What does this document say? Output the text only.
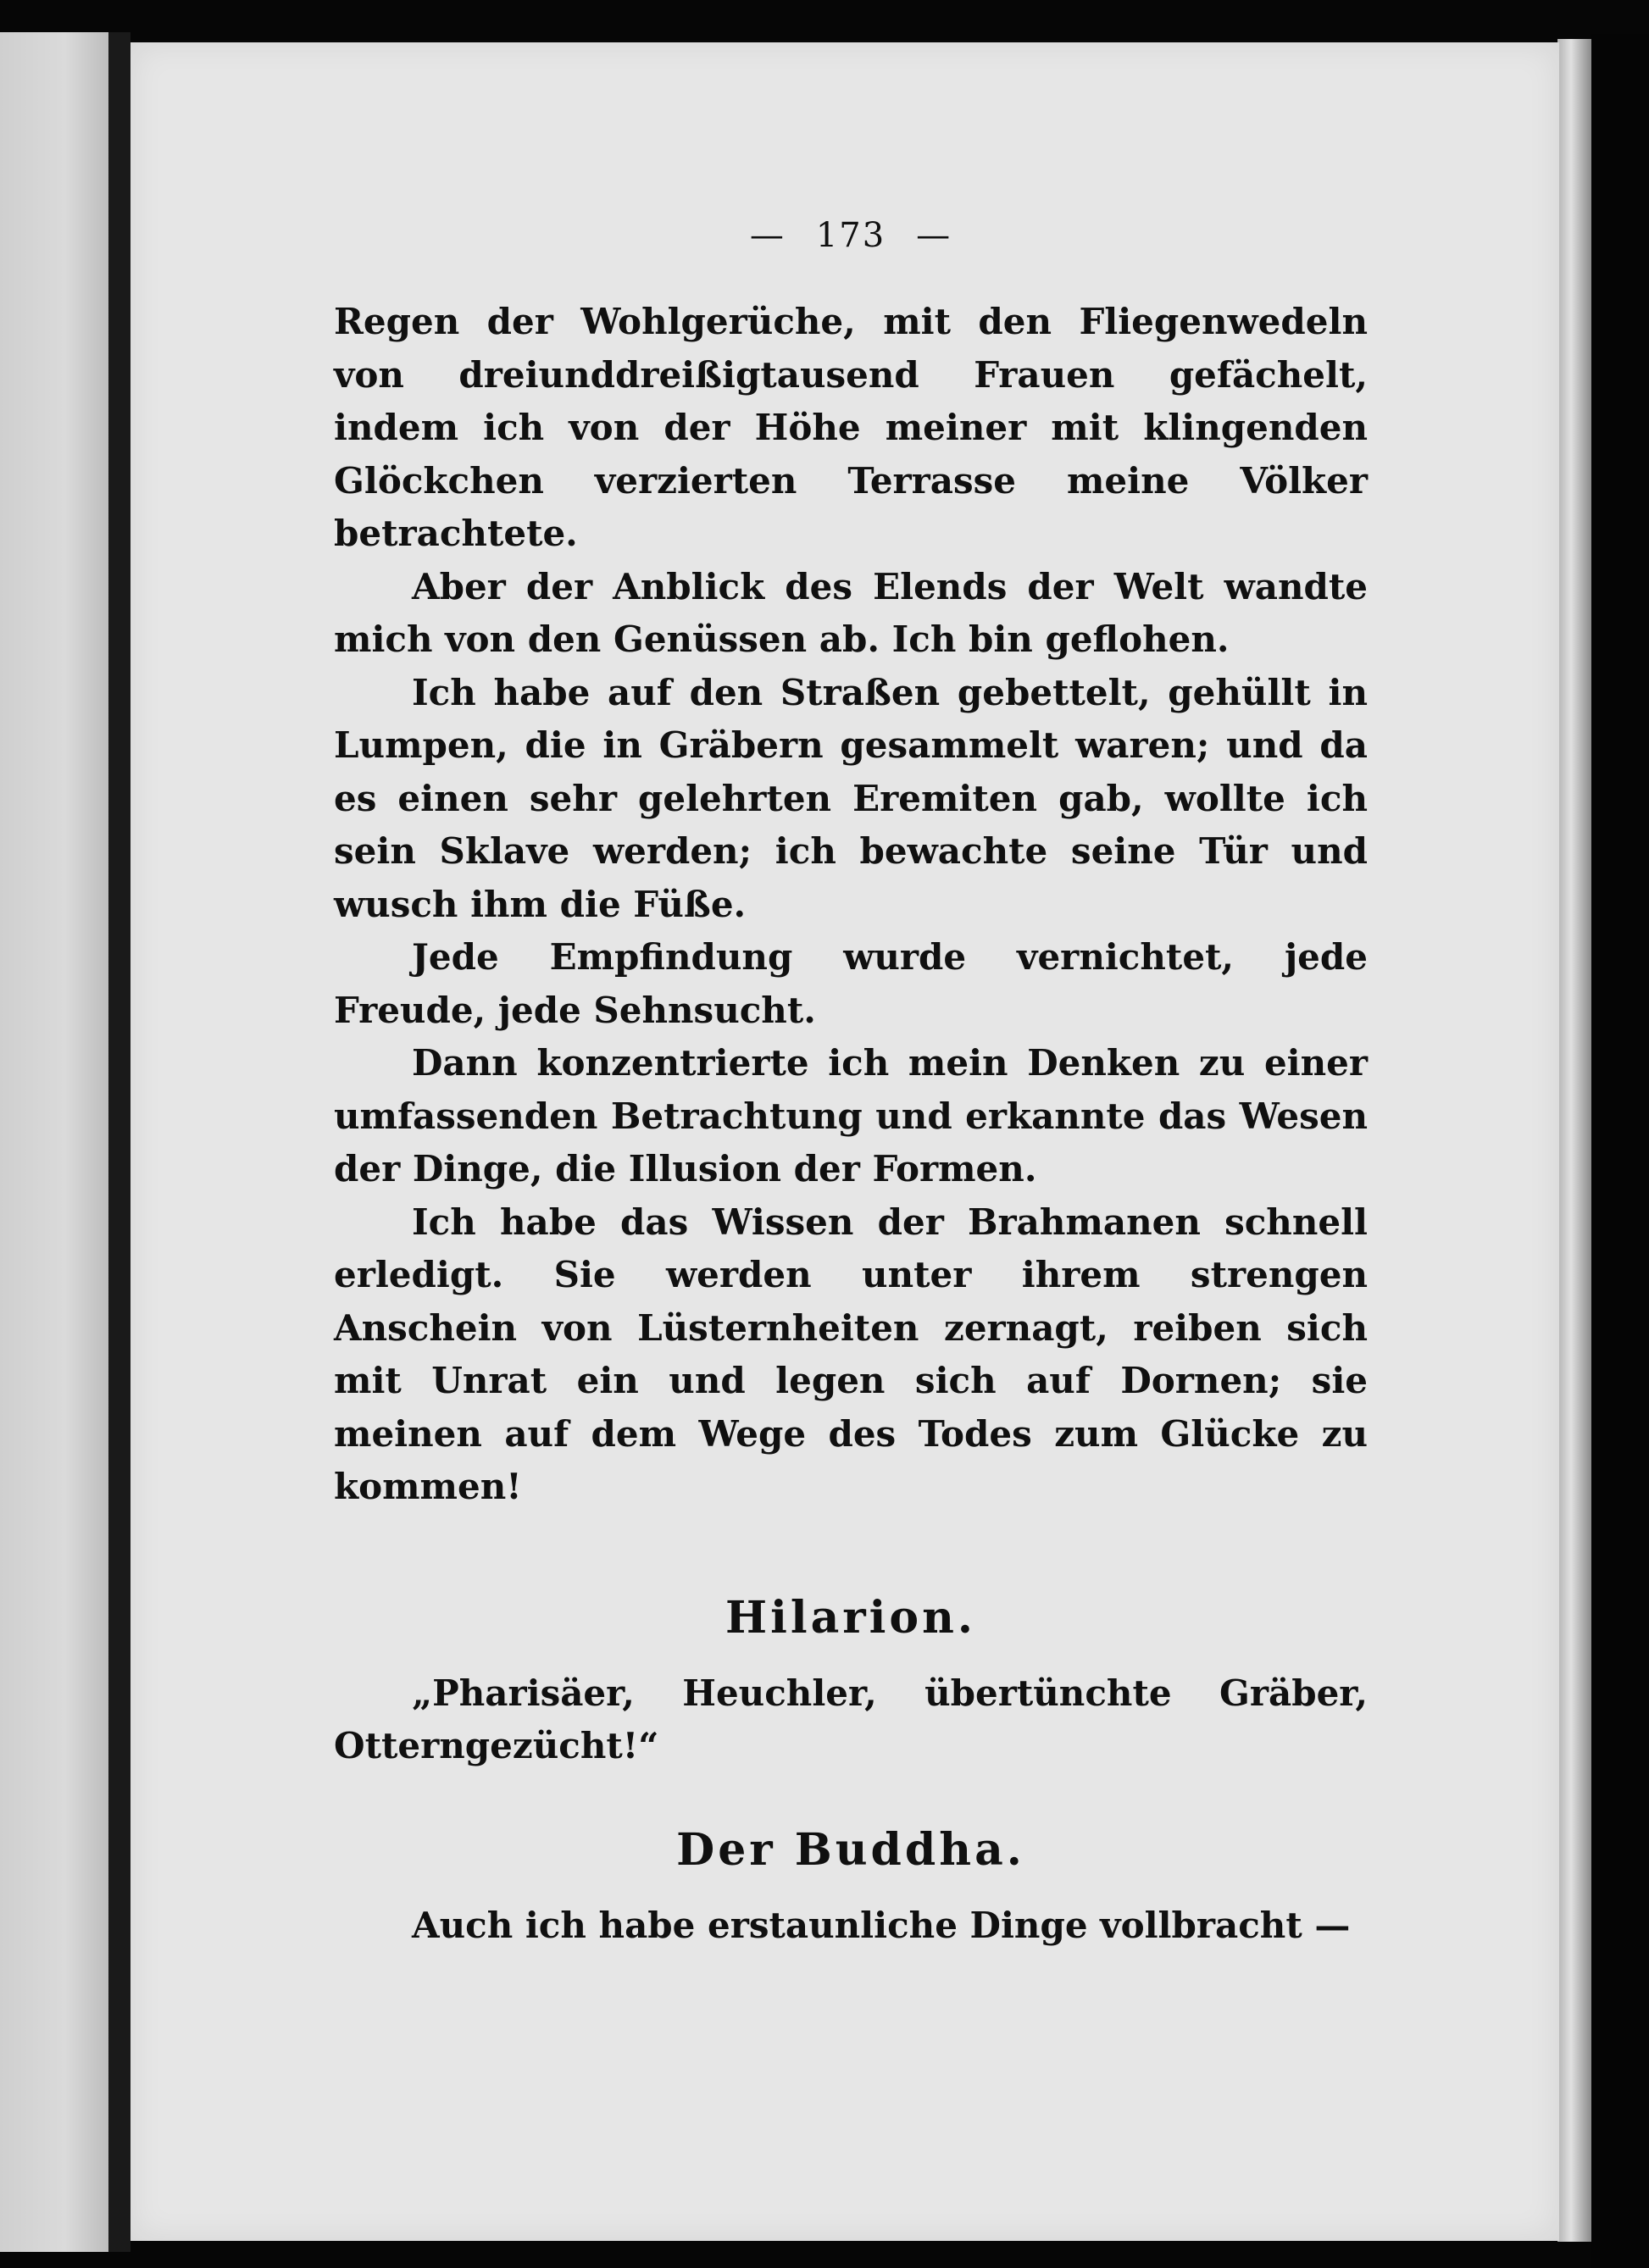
— 173 —

Regen der Wohlgerüche, mit den Fliegenwedeln von dreiunddreißigtausend Frauen gefächelt, indem ich von der Höhe meiner mit klingenden Glöckchen verzierten Terrasse meine Völker betrachtete.

Aber der Anblick des Elends der Welt wandte mich von den Genüssen ab. Ich bin geflohen.

Ich habe auf den Straßen gebettelt, gehüllt in Lumpen, die in Gräbern gesammelt waren; und da es einen sehr gelehrten Eremiten gab, wollte ich sein Sklave werden; ich bewachte seine Tür und wusch ihm die Füße.

Jede Empfindung wurde vernichtet, jede Freude, jede Sehnsucht.

Dann konzentrierte ich mein Denken zu einer umfassenden Betrachtung und erkannte das Wesen der Dinge, die Illusion der Formen.

Ich habe das Wissen der Brahmanen schnell erledigt. Sie werden unter ihrem strengen Anschein von Lüsternheiten zernagt, reiben sich mit Unrat ein und legen sich auf Dornen; sie meinen auf dem Wege des Todes zum Glücke zu kommen!

Hilarion.

„Pharisäer, Heuchler, übertünchte Gräber, Otterngezücht!“

Der Buddha.

Auch ich habe erstaunliche Dinge vollbracht —
